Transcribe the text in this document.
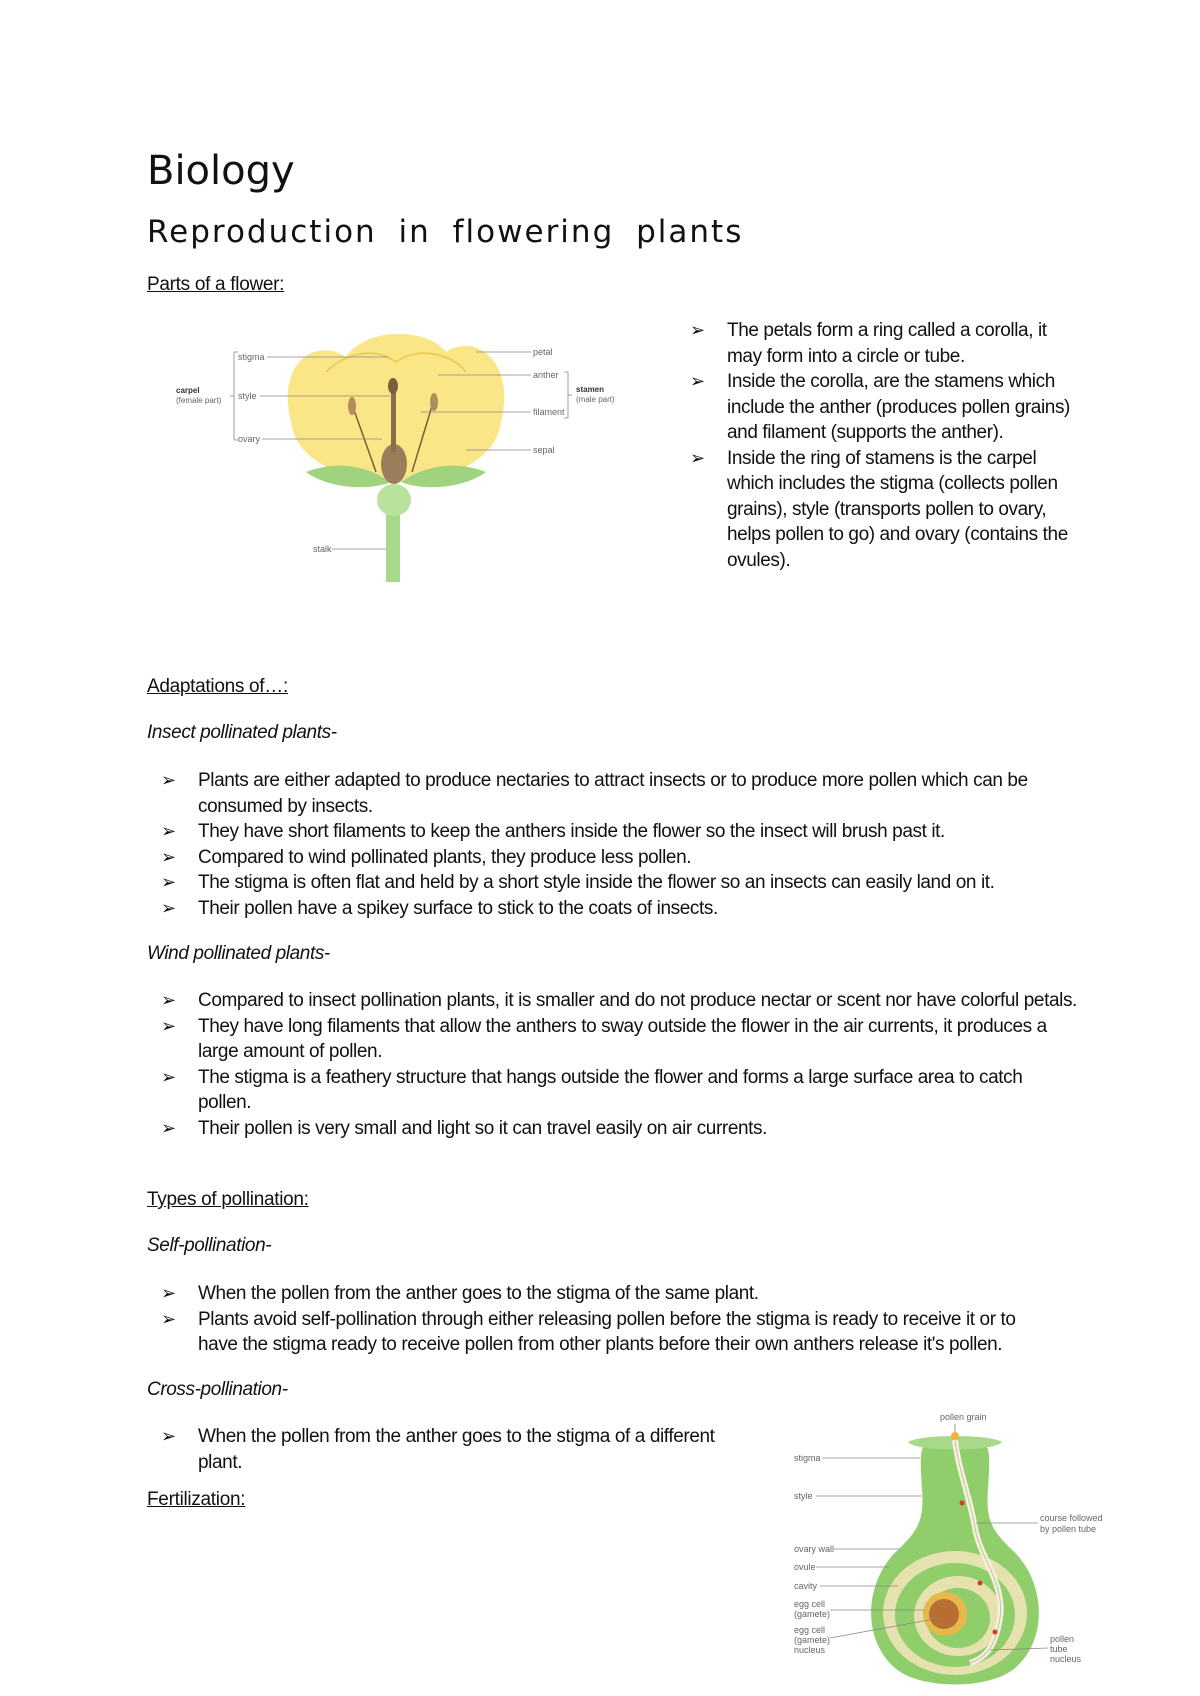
Biology
Reproduction in flowering plants
Parts of a flower:
carpel
(female part)
stigma
style
ovary
stalk
petal
anther
filament
sepal
stamen
(male part)
➢ The petals form a ring called a corolla, it may form into a circle or tube.
➢ Inside the corolla, are the stamens which include the anther (produces pollen grains) and filament (supports the anther).
➢ Inside the ring of stamens is the carpel which includes the stigma (collects pollen grains), style (transports pollen to ovary, helps pollen to go) and ovary (contains the ovules).
Adaptations of…:
Insect pollinated plants-
➢ Plants are either adapted to produce nectaries to attract insects or to produce more pollen which can be consumed by insects.
➢ They have short filaments to keep the anthers inside the flower so the insect will brush past it.
➢ Compared to wind pollinated plants, they produce less pollen.
➢ The stigma is often flat and held by a short style inside the flower so an insects can easily land on it.
➢ Their pollen have a spikey surface to stick to the coats of insects.
Wind pollinated plants-
➢ Compared to insect pollination plants, it is smaller and do not produce nectar or scent nor have colorful petals.
➢ They have long filaments that allow the anthers to sway outside the flower in the air currents, it produces a large amount of pollen.
➢ The stigma is a feathery structure that hangs outside the flower and forms a large surface area to catch pollen.
➢ Their pollen is very small and light so it can travel easily on air currents.
Types of pollination:
Self-pollination-
➢ When the pollen from the anther goes to the stigma of the same plant.
➢ Plants avoid self-pollination through either releasing pollen before the stigma is ready to receive it or to have the stigma ready to receive pollen from other plants before their own anthers release it's pollen.
Cross-pollination-
➢ When the pollen from the anther goes to the stigma of a different plant.
Fertilization:
pollen grain
stigma
style
course followed
by pollen tube
ovary wall
ovule
cavity
egg cell
(gamete)
egg cell
(gamete)
nucleus
pollen
tube
nucleus
